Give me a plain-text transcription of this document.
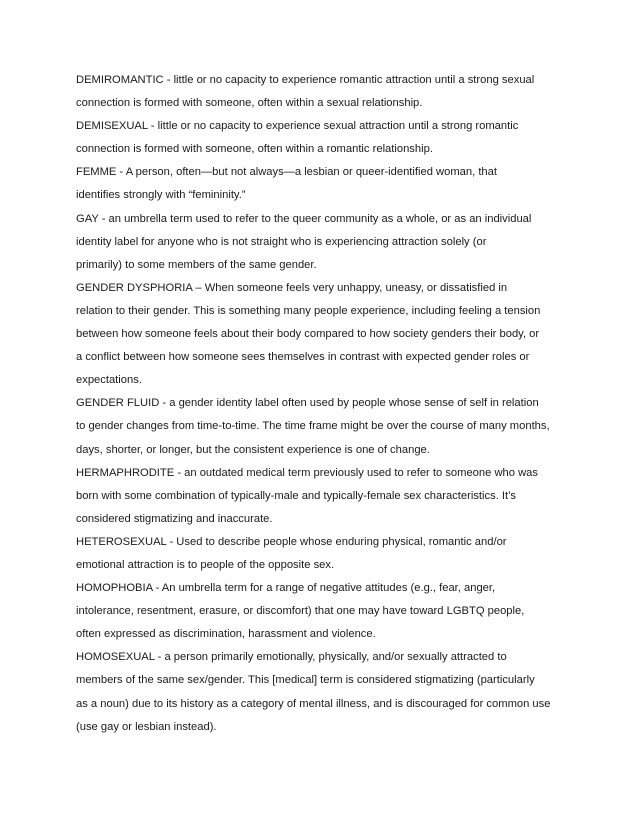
DEMIROMANTIC - little or no capacity to experience romantic attraction until a strong sexual
connection is formed with someone, often within a sexual relationship.
DEMISEXUAL - little or no capacity to experience sexual attraction until a strong romantic
connection is formed with someone, often within a romantic relationship.
FEMME - A person, often—but not always—a lesbian or queer-identified woman, that
identifies strongly with “femininity.”
GAY - an umbrella term used to refer to the queer community as a whole, or as an individual
identity label for anyone who is not straight who is experiencing attraction solely (or
primarily) to some members of the same gender.
GENDER DYSPHORIA – When someone feels very unhappy, uneasy, or dissatisfied in
relation to their gender. This is something many people experience, including feeling a tension
between how someone feels about their body compared to how society genders their body, or
a conflict between how someone sees themselves in contrast with expected gender roles or
expectations.
GENDER FLUID - a gender identity label often used by people whose sense of self in relation
to gender changes from time-to-time. The time frame might be over the course of many months,
days, shorter, or longer, but the consistent experience is one of change.
HERMAPHRODITE - an outdated medical term previously used to refer to someone who was
born with some combination of typically-male and typically-female sex characteristics. It’s
considered stigmatizing and inaccurate.
HETEROSEXUAL - Used to describe people whose enduring physical, romantic and/or
emotional attraction is to people of the opposite sex.
HOMOPHOBIA - An umbrella term for a range of negative attitudes (e.g., fear, anger,
intolerance, resentment, erasure, or discomfort) that one may have toward LGBTQ people,
often expressed as discrimination, harassment and violence.
HOMOSEXUAL - a person primarily emotionally, physically, and/or sexually attracted to
members of the same sex/gender. This [medical] term is considered stigmatizing (particularly
as a noun) due to its history as a category of mental illness, and is discouraged for common use
(use gay or lesbian instead).
